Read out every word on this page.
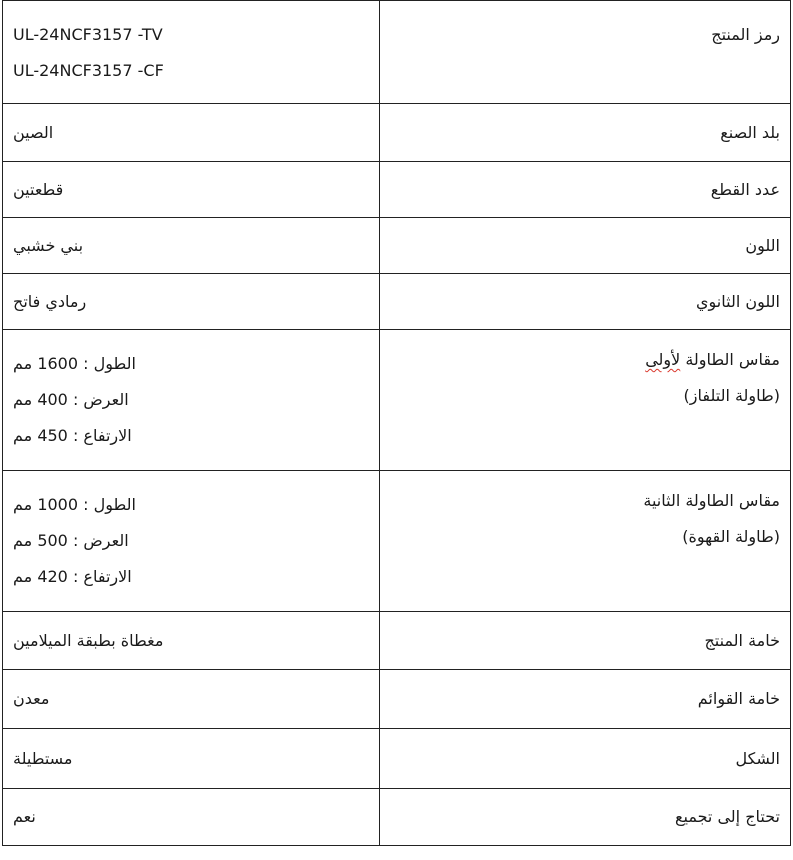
UL-24NCF3157 -TV
UL-24NCF3157 -CF	رمز المنتج

الصين	بلد الصنع
قطعتين	عدد القطع
بني خشبي	اللون
رمادي فاتح	اللون الثانوي

الطول : 1600 مم
العرض : 400 مم
الارتفاع : 450 مم	مقاس الطاولة لأولى
(طاولة التلفاز)

الطول : 1000 مم
العرض : 500 مم
الارتفاع : 420 مم	مقاس الطاولة الثانية
(طاولة القهوة)

مغطاة بطبقة الميلامين	خامة المنتج
معدن	خامة القوائم
مستطيلة	الشكل
نعم	تحتاج إلى تجميع
